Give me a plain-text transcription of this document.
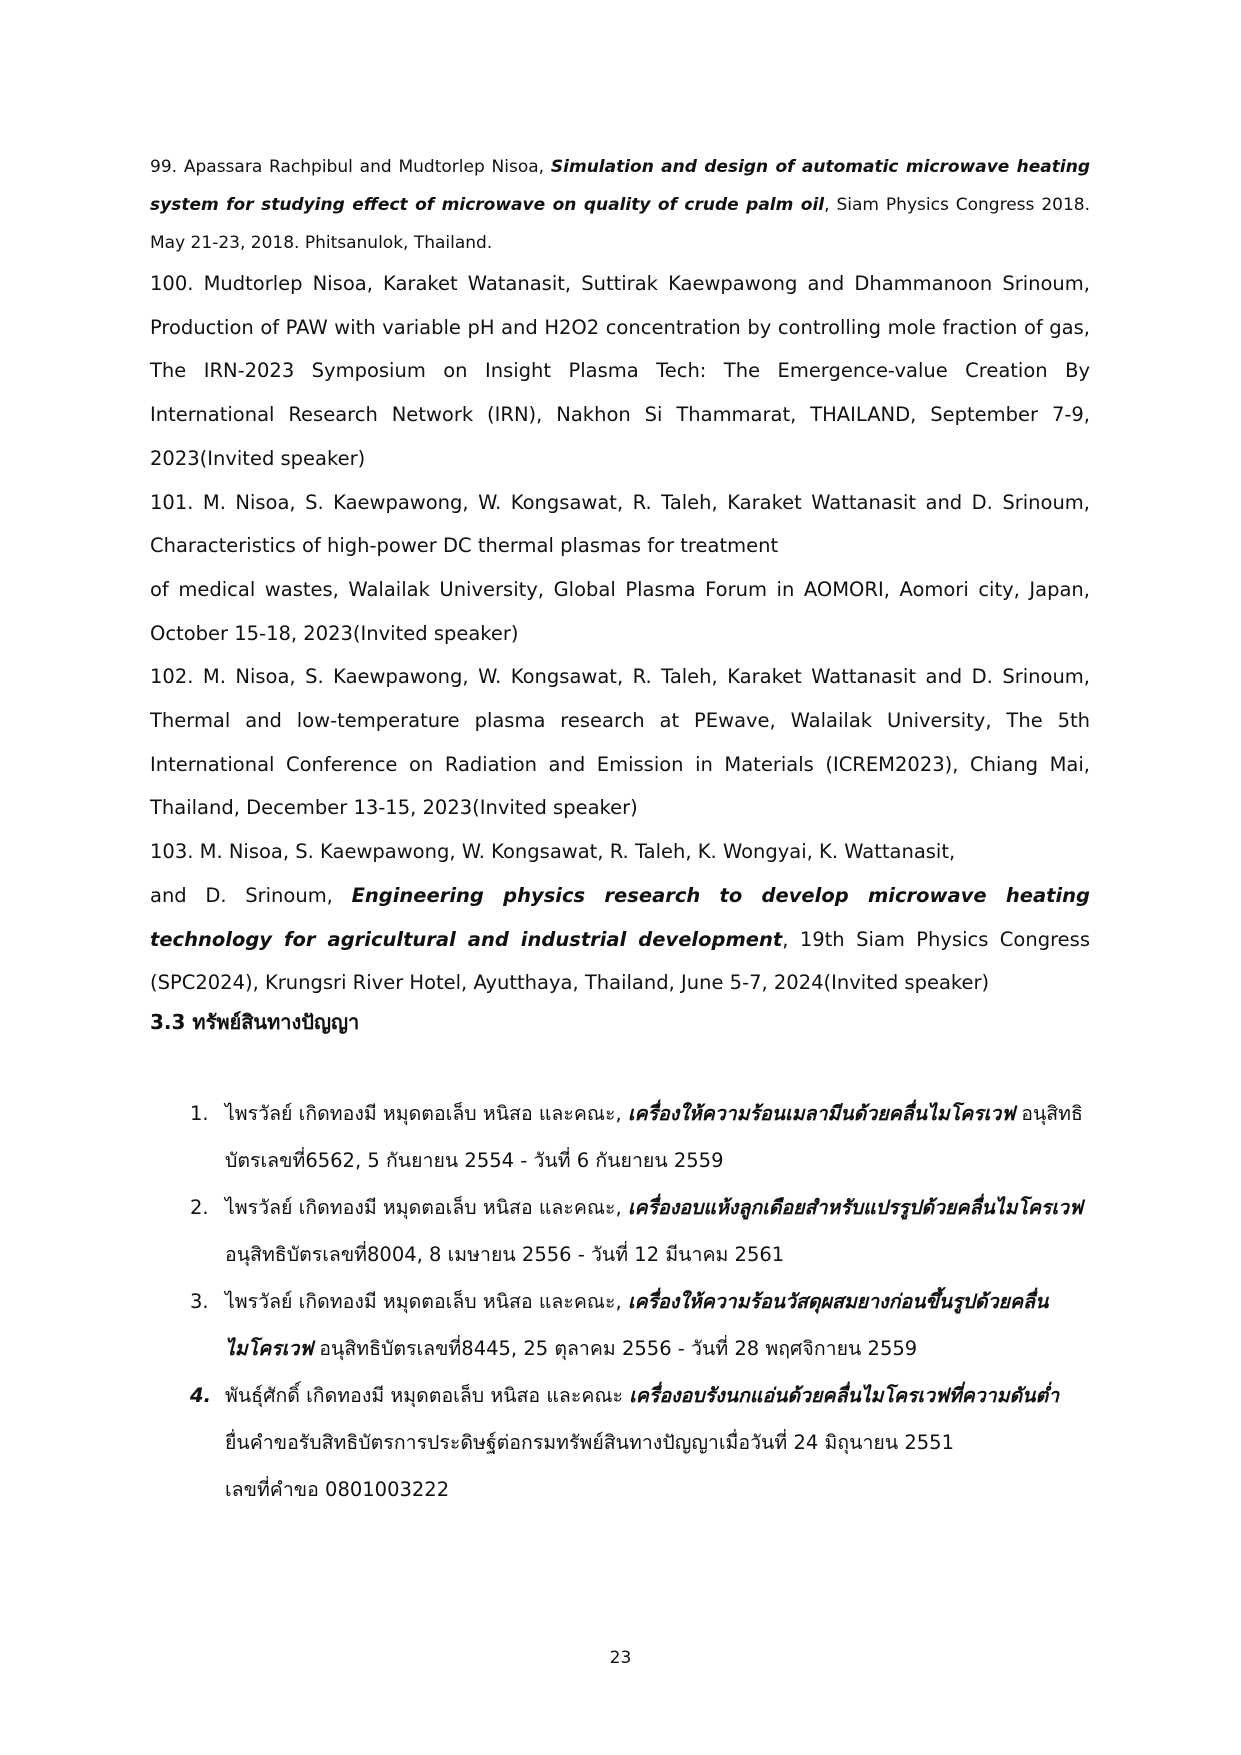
99. Apassara Rachpibul and Mudtorlep Nisoa, Simulation and design of automatic microwave heating system for studying effect of microwave on quality of crude palm oil, Siam Physics Congress 2018. May 21-23, 2018. Phitsanulok, Thailand.

100. Mudtorlep Nisoa, Karaket Watanasit, Suttirak Kaewpawong and Dhammanoon Srinoum, Production of PAW with variable pH and H2O2 concentration by controlling mole fraction of gas, The IRN-2023 Symposium on Insight Plasma Tech: The Emergence-value Creation By International Research Network (IRN), Nakhon Si Thammarat, THAILAND, September 7-9, 2023(Invited speaker)

101. M. Nisoa, S. Kaewpawong, W. Kongsawat, R. Taleh, Karaket Wattanasit and D. Srinoum, Characteristics of high-power DC thermal plasmas for treatment

of medical wastes, Walailak University, Global Plasma Forum in AOMORI, Aomori city, Japan, October 15-18, 2023(Invited speaker)

102. M. Nisoa, S. Kaewpawong, W. Kongsawat, R. Taleh, Karaket Wattanasit and D. Srinoum, Thermal and low-temperature plasma research at PEwave, Walailak University, The 5th International Conference on Radiation and Emission in Materials (ICREM2023), Chiang Mai, Thailand, December 13-15, 2023(Invited speaker)

103. M. Nisoa, S. Kaewpawong, W. Kongsawat, R. Taleh, K. Wongyai, K. Wattanasit,

and D. Srinoum, Engineering physics research to develop microwave heating technology for agricultural and industrial development, 19th Siam Physics Congress (SPC2024), Krungsri River Hotel, Ayutthaya, Thailand, June 5-7, 2024(Invited speaker)

3.3 ทรัพย์สินทางปัญญา
1. ไพรวัลย์ เกิดทองมี หมุดตอเล็บ หนิสอ และคณะ, เครื่องให้ความร้อนเมลามีนด้วยคลื่นไมโครเวฟ อนุสิทธิบัตรเลขที่6562, 5 กันยายน 2554 - วันที่ 6 กันยายน 2559
2. ไพรวัลย์ เกิดทองมี หมุดตอเล็บ หนิสอ และคณะ, เครื่องอบแห้งลูกเดือยสำหรับแปรรูปด้วยคลื่นไมโครเวฟ อนุสิทธิบัตรเลขที่8004, 8 เมษายน 2556 - วันที่ 12 มีนาคม 2561
3. ไพรวัลย์ เกิดทองมี หมุดตอเล็บ หนิสอ และคณะ, เครื่องให้ความร้อนวัสดุผสมยางก่อนขึ้นรูปด้วยคลื่นไมโครเวฟ อนุสิทธิบัตรเลขที่8445, 25 ตุลาคม 2556 - วันที่ 28 พฤศจิกายน 2559
4. พันธุ์ศักดิ์ เกิดทองมี หมุดตอเล็บ หนิสอ และคณะ เครื่องอบรังนกแอ่นด้วยคลื่นไมโครเวฟที่ความดันต่ำ ยื่นคำขอรับสิทธิบัตรการประดิษฐ์ต่อกรมทรัพย์สินทางปัญญาเมื่อวันที่ 24 มิถุนายน 2551
เลขที่คำขอ 0801003222
23
